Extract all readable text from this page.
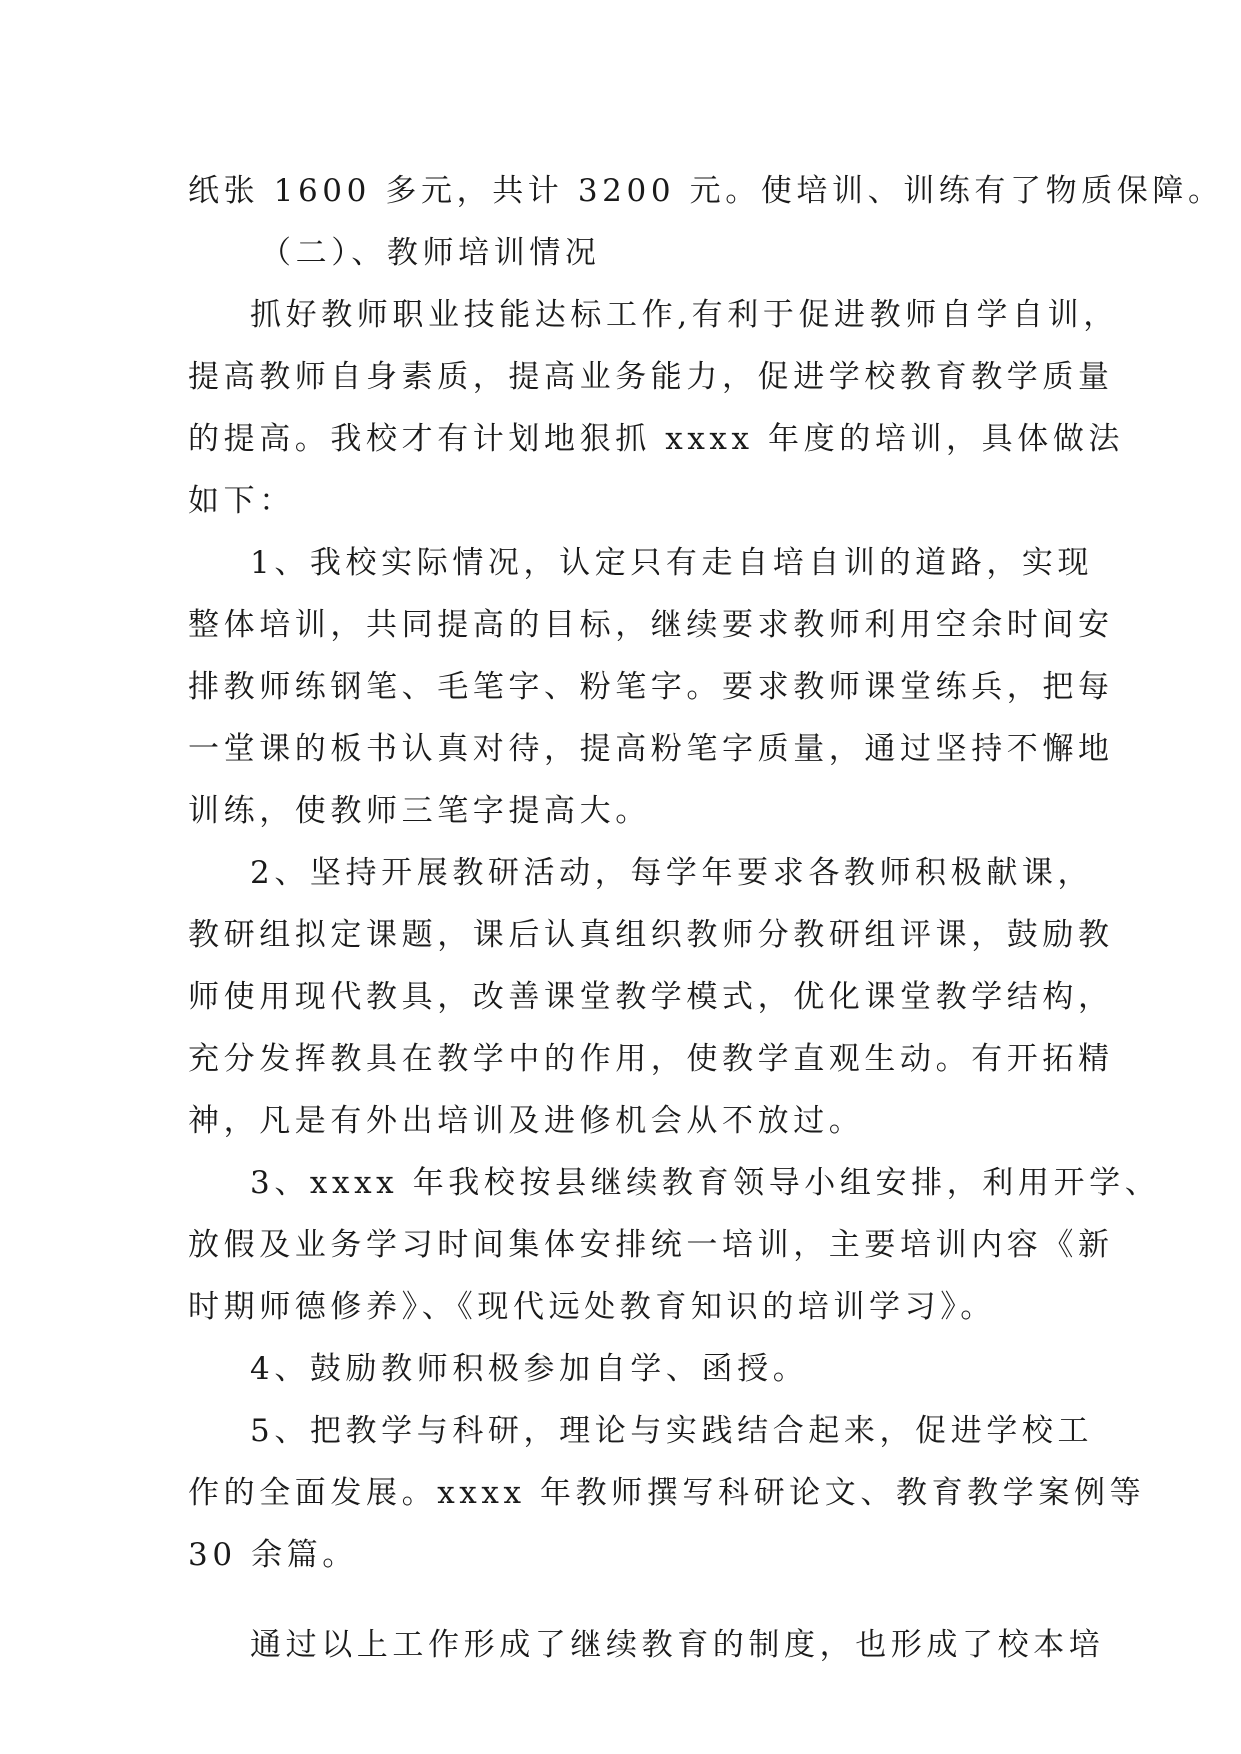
纸张 1600 多元，共计 3200 元。使培训、训练有了物质保障。
（二）、教师培训情况
抓好教师职业技能达标工作,有利于促进教师自学自训，
提高教师自身素质，提高业务能力，促进学校教育教学质量
的提高。我校才有计划地狠抓 xxxx 年度的培训，具体做法
如下：
1、我校实际情况，认定只有走自培自训的道路，实现
整体培训，共同提高的目标，继续要求教师利用空余时间安
排教师练钢笔、毛笔字、粉笔字。要求教师课堂练兵，把每
一堂课的板书认真对待，提高粉笔字质量，通过坚持不懈地
训练，使教师三笔字提高大。
2、坚持开展教研活动，每学年要求各教师积极献课，
教研组拟定课题，课后认真组织教师分教研组评课，鼓励教
师使用现代教具，改善课堂教学模式，优化课堂教学结构，
充分发挥教具在教学中的作用，使教学直观生动。有开拓精
神，凡是有外出培训及进修机会从不放过。
3、xxxx 年我校按县继续教育领导小组安排，利用开学、
放假及业务学习时间集体安排统一培训，主要培训内容《新
时期师德修养》、《现代远处教育知识的培训学习》。
4、鼓励教师积极参加自学、函授。
5、把教学与科研，理论与实践结合起来，促进学校工
作的全面发展。xxxx 年教师撰写科研论文、教育教学案例等
30 余篇。
通过以上工作形成了继续教育的制度，也形成了校本培
